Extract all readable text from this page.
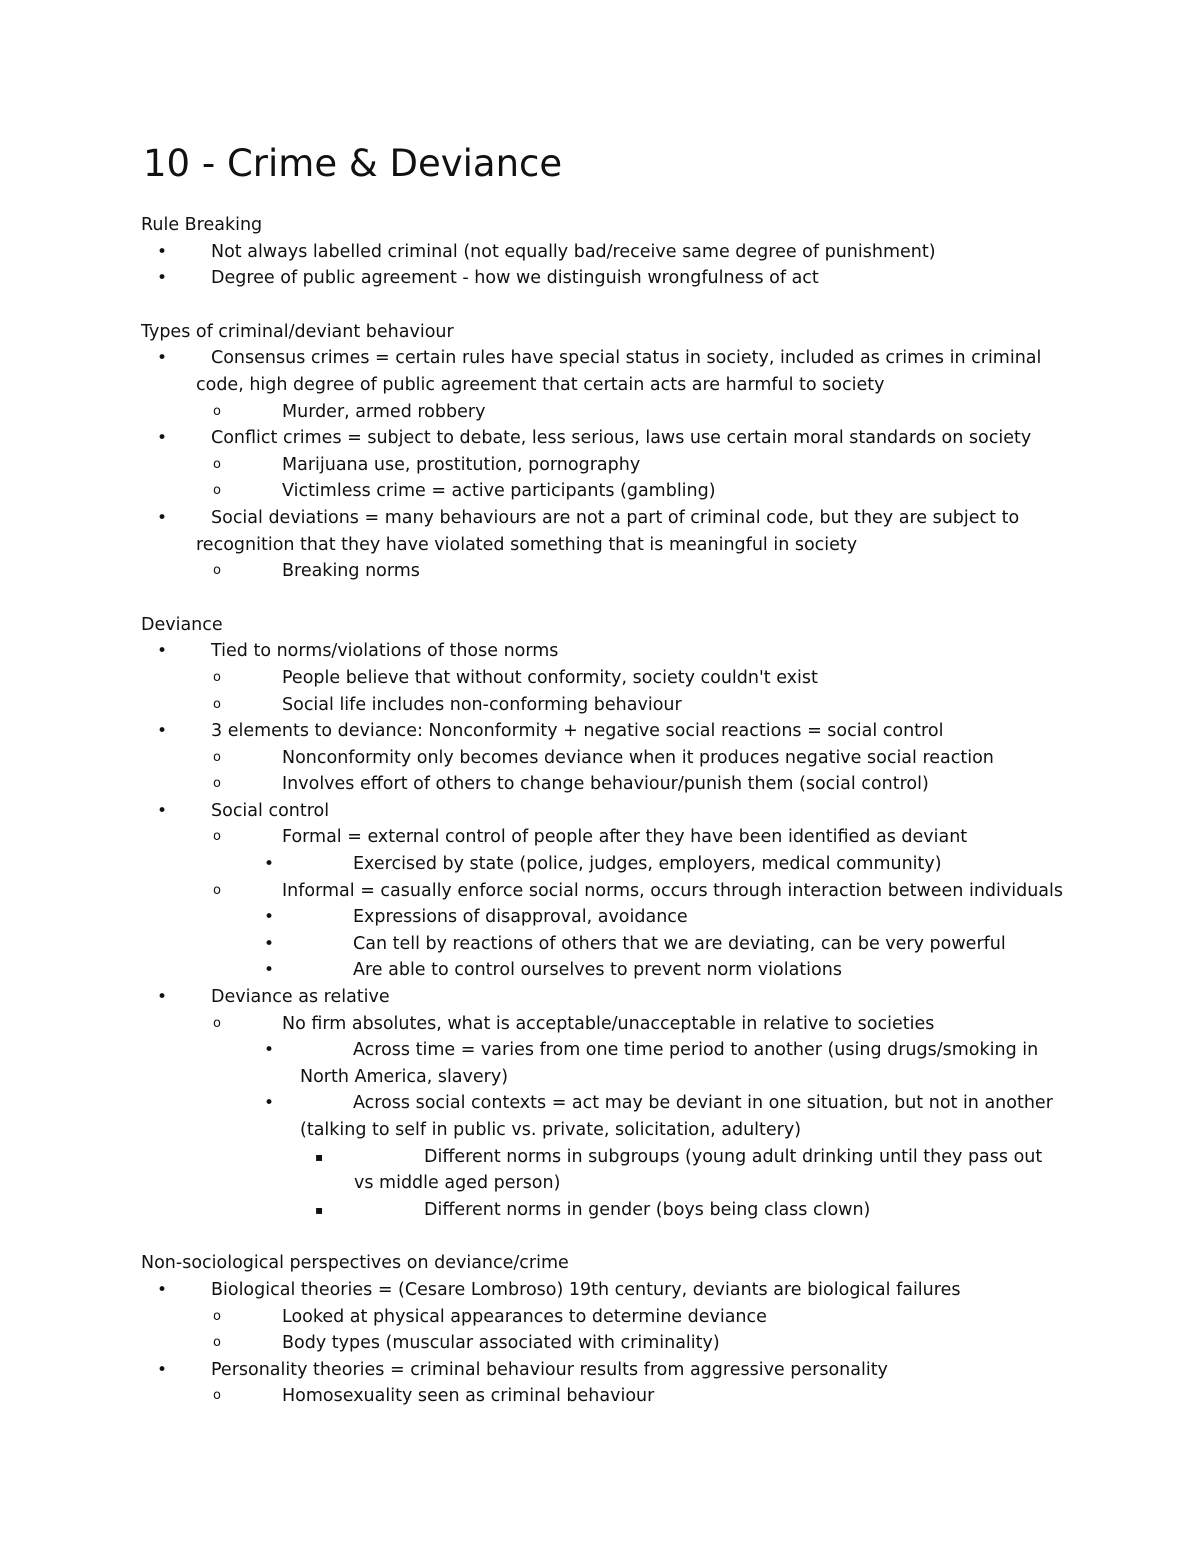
10 - Crime & Deviance
Rule Breaking
•	Not always labelled criminal (not equally bad/receive same degree of punishment)
•	Degree of public agreement - how we distinguish wrongfulness of act
Types of criminal/deviant behaviour
•	Consensus crimes = certain rules have special status in society, included as crimes in criminal
code, high degree of public agreement that certain acts are harmful to society
o	Murder, armed robbery
•	Conflict crimes = subject to debate, less serious, laws use certain moral standards on society
o	Marijuana use, prostitution, pornography
o	Victimless crime = active participants (gambling)
•	Social deviations = many behaviours are not a part of criminal code, but they are subject to
recognition that they have violated something that is meaningful in society
o	Breaking norms
Deviance
•	Tied to norms/violations of those norms
o	People believe that without conformity, society couldn't exist
o	Social life includes non-conforming behaviour
•	3 elements to deviance: Nonconformity + negative social reactions = social control
o	Nonconformity only becomes deviance when it produces negative social reaction
o	Involves effort of others to change behaviour/punish them (social control)
•	Social control
o	Formal = external control of people after they have been identified as deviant
•	Exercised by state (police, judges, employers, medical community)
o	Informal = casually enforce social norms, occurs through interaction between individuals
•	Expressions of disapproval, avoidance
•	Can tell by reactions of others that we are deviating, can be very powerful
•	Are able to control ourselves to prevent norm violations
•	Deviance as relative
o	No firm absolutes, what is acceptable/unacceptable in relative to societies
•	Across time = varies from one time period to another (using drugs/smoking in
North America, slavery)
•	Across social contexts = act may be deviant in one situation, but not in another
(talking to self in public vs. private, solicitation, adultery)
▪	Different norms in subgroups (young adult drinking until they pass out
vs middle aged person)
▪	Different norms in gender (boys being class clown)
Non-sociological perspectives on deviance/crime
•	Biological theories = (Cesare Lombroso) 19th century, deviants are biological failures
o	Looked at physical appearances to determine deviance
o	Body types (muscular associated with criminality)
•	Personality theories = criminal behaviour results from aggressive personality
o	Homosexuality seen as criminal behaviour
